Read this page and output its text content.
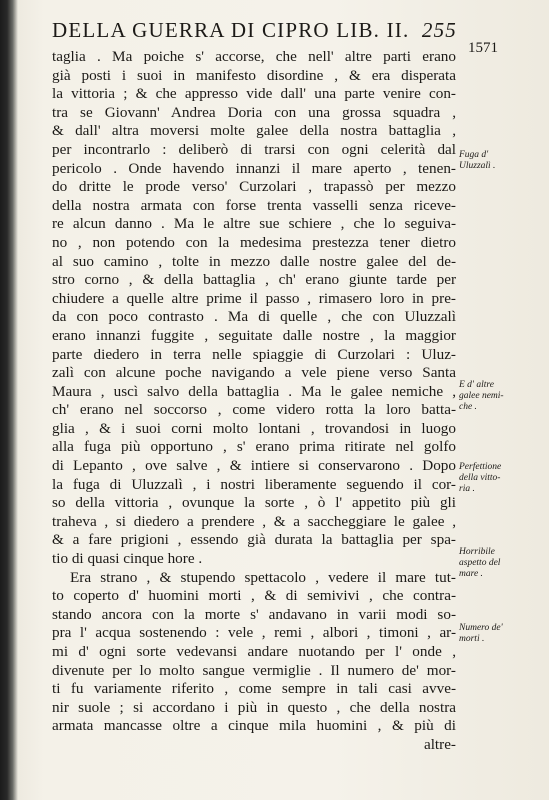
DELLA GUERRA DI CIPRO LIB. II. 255
1571
taglia . Ma poiche s' accorse, che nell' altre parti erano
già posti i suoi in manifesto disordine , & era disperata
la vittoria ; & che appresso vide dall' una parte venire con-
tra se Giovann' Andrea Doria con una grossa squadra ,
& dall' altra moversi molte galee della nostra battaglia ,
per incontrarlo : deliberò di trarsi con ogni celerità dal
pericolo . Onde havendo innanzi il mare aperto , tenen-
do dritte le prode verso' Curzolari , trapassò per mezzo
della nostra armata con forse trenta vasselli senza riceve-
re alcun danno . Ma le altre sue schiere , che lo seguiva-
no , non potendo con la medesima prestezza tener dietro
al suo camino , tolte in mezzo dalle nostre galee del de-
stro corno , & della battaglia , ch' erano giunte tarde per
chiudere a quelle altre prime il passo , rimasero loro in pre-
da con poco contrasto . Ma di quelle , che con Uluzzalì
erano innanzi fuggite , seguitate dalle nostre , la maggior
parte diedero in terra nelle spiaggie di Curzolari : Uluz-
zalì con alcune poche navigando a vele piene verso Santa
Maura , uscì salvo della battaglia . Ma le galee nemiche ,
ch' erano nel soccorso , come videro rotta la loro batta-
glia , & i suoi corni molto lontani , trovandosi in luogo
alla fuga più opportuno , s' erano prima ritirate nel golfo
di Lepanto , ove salve , & intiere si conservarono . Dopo
la fuga di Uluzzalì , i nostri liberamente seguendo il cor-
so della vittoria , ovunque la sorte , ò l' appetito più gli
traheva , si diedero a prendere , & a saccheggiare le galee ,
& a fare prigioni , essendo già durata la battaglia per spa-
tio di quasi cinque hore .
Era strano , & stupendo spettacolo , vedere il mare tut-
to coperto d' huomini morti , & di semivivi , che contra-
stando ancora con la morte s' andavano in varii modi so-
pra l' acqua sostenendo : vele , remi , albori , timoni , ar-
mi d' ogni sorte vedevansi andare nuotando per l' onde ,
divenute per lo molto sangue vermiglie . Il numero de' mor-
ti fu variamente riferito , come sempre in tali casi avve-
nir suole ; si accordano i più in questo , che della nostra
armata mancasse oltre a cinque mila huomini , & più di
altre-
Fuga d'
Uluzzalì .
E d' altre
galee nemi-
che .
Perfettione
della vitto-
ria .
Horribile
aspetto del
mare .
Numero de'
morti .
